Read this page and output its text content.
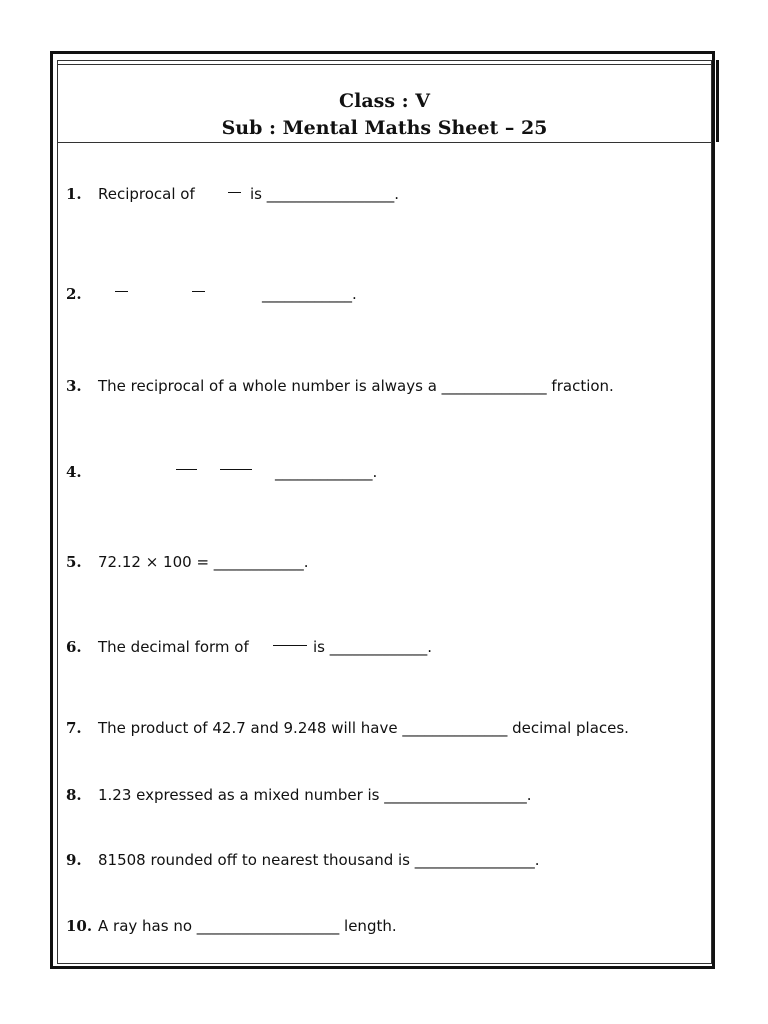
Class : V
Sub : Mental Maths Sheet – 25
1. Reciprocal of	is _________________.
2.	____________.
3. The reciprocal of a whole number is always a ______________ fraction.
4.	_____________.
5. 72.12 × 100 = ____________.
6. The decimal form of	is _____________.
7. The product of 42.7 and 9.248 will have ______________ decimal places.
8. 1.23 expressed as a mixed number is ___________________.
9. 81508 rounded off to nearest thousand is ________________.
10. A ray has no ___________________ length.
